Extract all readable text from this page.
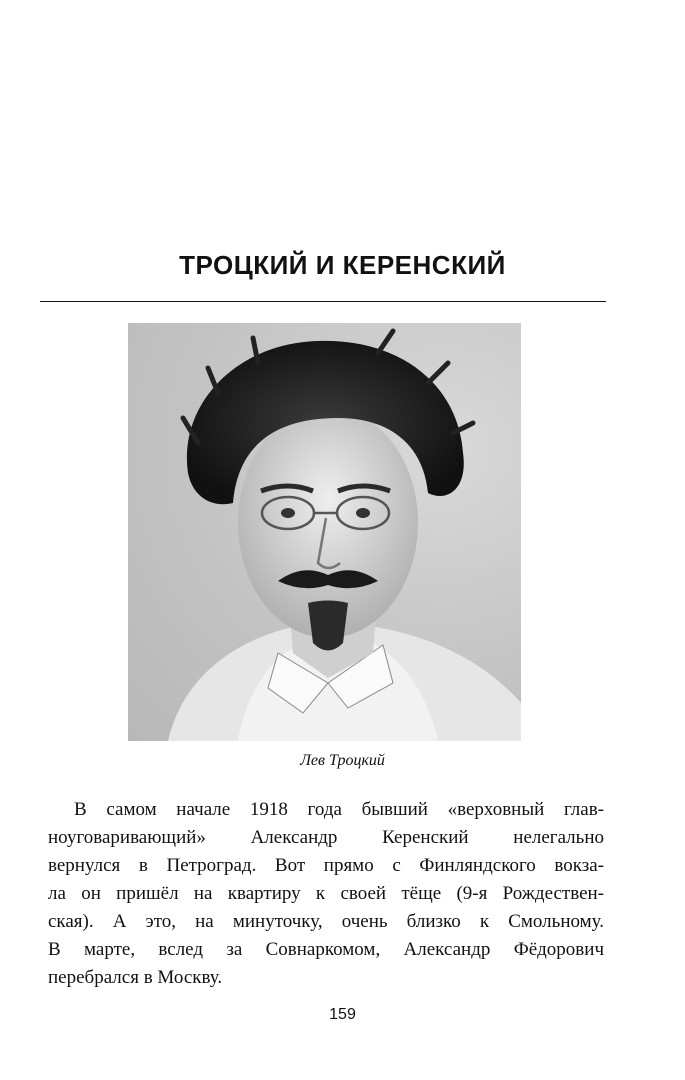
ТРОЦКИЙ И КЕРЕНСКИЙ
Лев Троцкий
В самом начале 1918 года бывший «верховный глав-
ноуговаривающий» Александр Керенский нелегально
вернулся в Петроград. Вот прямо с Финляндского вокза-
ла он пришёл на квартиру к своей тёще (9-я Рождествен-
ская). А это, на минуточку, очень близко к Смольному.
В марте, вслед за Совнаркомом, Александр Фёдорович
перебрался в Москву.
159
